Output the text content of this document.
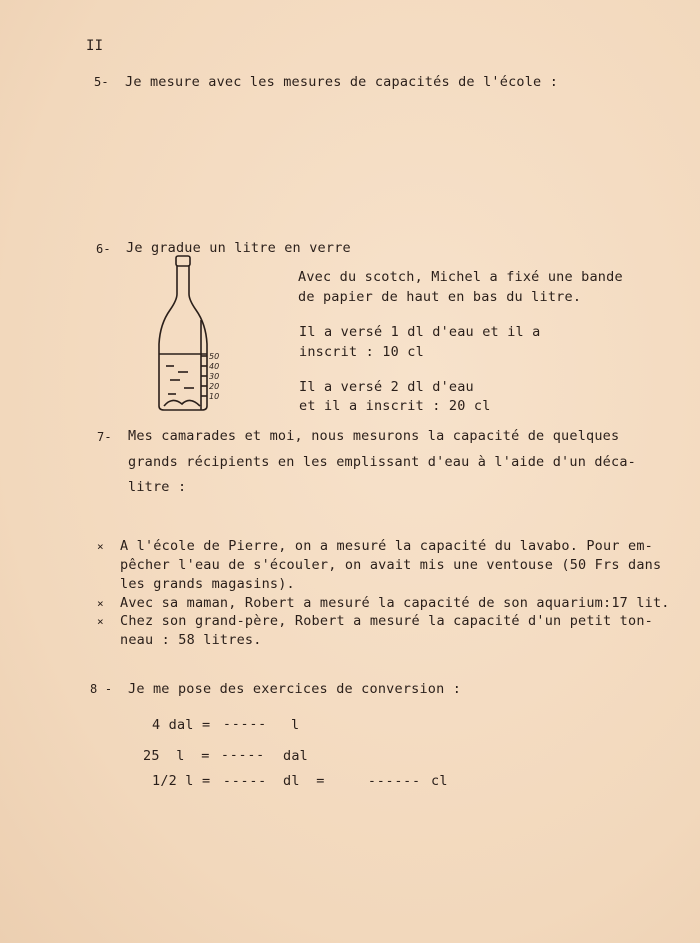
II
5- Je mesure avec les mesures de capacités de l'école :
6- Je gradue un litre en verre
50
40
30
20
10
Avec du scotch, Michel a fixé une bande
de papier de haut en bas du litre.
Il a versé 1 dl d'eau et il a
inscrit : 10 cl
Il a versé 2 dl d'eau
et il a inscrit : 20 cl
7- Mes camarades et moi, nous mesurons la capacité de quelques
grands récipients en les emplissant d'eau à l'aide d'un déca-
litre :
× A l'école de Pierre, on a mesuré la capacité du lavabo. Pour em-
pêcher l'eau de s'écouler, on avait mis une ventouse (50 Frs dans
les grands magasins).
× Avec sa maman, Robert a mesuré la capacité de son aquarium:17 lit.
× Chez son grand-père, Robert a mesuré la capacité d'un petit ton-
neau : 58 litres.
8 - Je me pose des exercices de conversion :
4 dal = ----- l
25  l  = ----- dal
1/2 l = ----- dl  =	------ cl
